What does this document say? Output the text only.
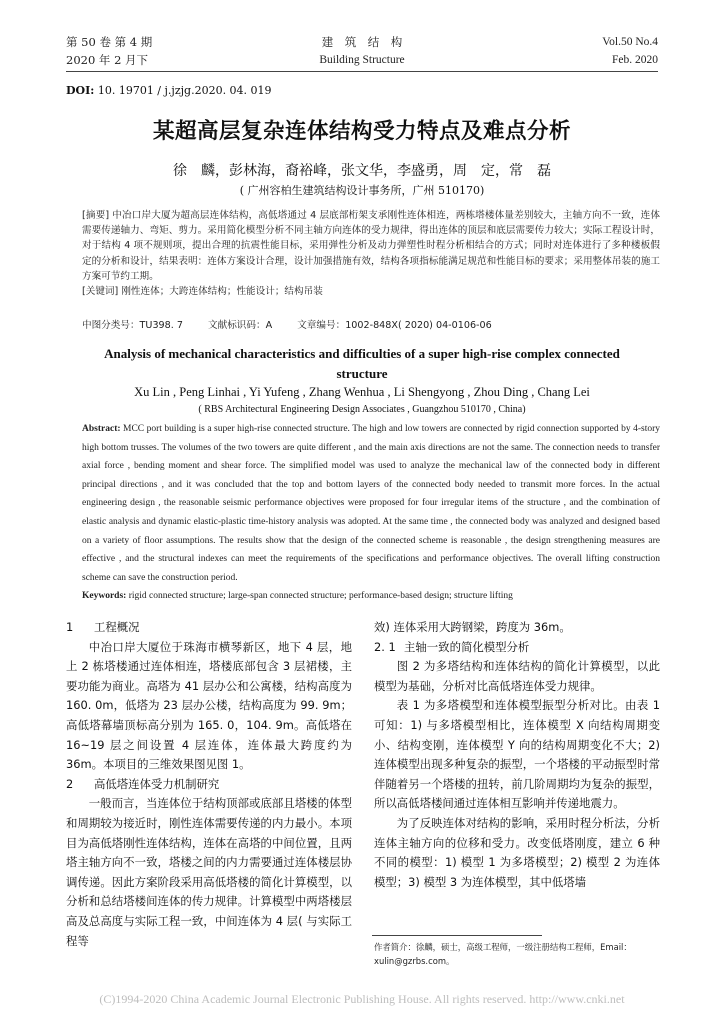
第 50 卷 第 4 期
2020 年 2 月下
建　筑　结　构
Building Structure
Vol.50 No.4
Feb. 2020
DOI: 10. 19701 / j.jzjg.2020. 04. 019
某超高层复杂连体结构受力特点及难点分析
徐　麟，彭林海，裔裕峰，张文华，李盛勇，周　定，常　磊
( 广州容柏生建筑结构设计事务所，广州 510170)

[摘要] 中冶口岸大厦为超高层连体结构，高低塔通过 4 层底部桁架支承刚性连体相连，两栋塔楼体量差别较大，主轴方向不一致，连体需要传递轴力、弯矩、剪力。采用简化模型分析不同主轴方向连体的受力规律，得出连体的顶层和底层需要传力较大；实际工程设计时，对于结构 4 项不规则项，提出合理的抗震性能目标，采用弹性分析及动力弹塑性时程分析相结合的方式；同时对连体进行了多种楼板假定的分析和设计，结果表明：连体方案设计合理，设计加强措施有效，结构各项指标能满足规范和性能目标的要求；采用整体吊装的施工方案可节约工期。

[关键词] 刚性连体；大跨连体结构；性能设计；结构吊装

中图分类号：TU398. 7	文献标识码：A	文章编号：1002-848X( 2020) 04-0106-06
Analysis of mechanical characteristics and difficulties of a super high-rise complex connected structure
Xu Lin , Peng Linhai , Yi Yufeng , Zhang Wenhua , Li Shengyong , Zhou Ding , Chang Lei
( RBS Architectural Engineering Design Associates , Guangzhou 510170 , China)

Abstract: MCC port building is a super high-rise connected structure. The high and low towers are connected by rigid connection supported by 4-story high bottom trusses. The volumes of the two towers are quite different , and the main axis directions are not the same. The connection needs to transfer axial force , bending moment and shear force. The simplified model was used to analyze the mechanical law of the connected body in different principal directions , and it was concluded that the top and bottom layers of the connected body needed to transmit more forces. In the actual engineering design , the reasonable seismic performance objectives were proposed for four irregular items of the structure , and the combination of elastic analysis and dynamic elastic-plastic time-history analysis was adopted. At the same time , the connected body was analyzed and designed based on a variety of floor assumptions. The results show that the design of the connected scheme is reasonable , the design strengthening measures are effective , and the structural indexes can meet the requirements of the specifications and performance objectives. The overall lifting construction scheme can save the construction period.

Keywords: rigid connected structure; large-span connected structure; performance-based design; structure lifting

1 工程概况

中冶口岸大厦位于珠海市横琴新区，地下 4 层，地上 2 栋塔楼通过连体相连，塔楼底部包含 3 层裙楼，主要功能为商业。高塔为 41 层办公和公寓楼，结构高度为 160. 0m，低塔为 23 层办公楼，结构高度为 99. 9m；高低塔幕墙顶标高分别为 165. 0，104. 9m。高低塔在 16~19 层之间设置 4 层连体，连体最大跨度约为 36m。本项目的三维效果图见图 1。

2 高低塔连体受力机制研究

一般而言，当连体位于结构顶部或底部且塔楼的体型和周期较为接近时，刚性连体需要传递的内力最小。本项目为高低塔刚性连体结构，连体在高塔的中间位置，且两塔主轴方向不一致，塔楼之间的内力需要通过连体楼层协调传递。因此方案阶段采用高低塔楼的简化计算模型，以分析和总结塔楼间连体的传力规律。计算模型中两塔楼层高及总高度与实际工程一致，中间连体为 4 层( 与实际工程等

效) 连体采用大跨钢梁，跨度为 36m。

2. 1 主轴一致的简化模型分析

图 2 为多塔结构和连体结构的简化计算模型，以此模型为基础，分析对比高低塔连体受力规律。

表 1 为多塔模型和连体模型振型分析对比。由表 1 可知：1) 与多塔模型相比，连体模型 X 向结构周期变小、结构变刚，连体模型 Y 向的结构周期变化不大；2) 连体模型出现多种复杂的振型，一个塔楼的平动振型时常伴随着另一个塔楼的扭转，前几阶周期均为复杂的振型，所以高低塔楼间通过连体相互影响并传递地震力。

为了反映连体对结构的影响，采用时程分析法，分析连体主轴方向的位移和受力。改变低塔刚度，建立 6 种不同的模型：1) 模型 1 为多塔模型；2) 模型 2 为连体模型；3) 模型 3 为连体模型，其中低塔墙

作者简介：徐麟，硕士，高级工程师，一级注册结构工程师，Email：xulin@gzrbs.com。
(C)1994-2020 China Academic Journal Electronic Publishing House. All rights reserved. http://www.cnki.net
